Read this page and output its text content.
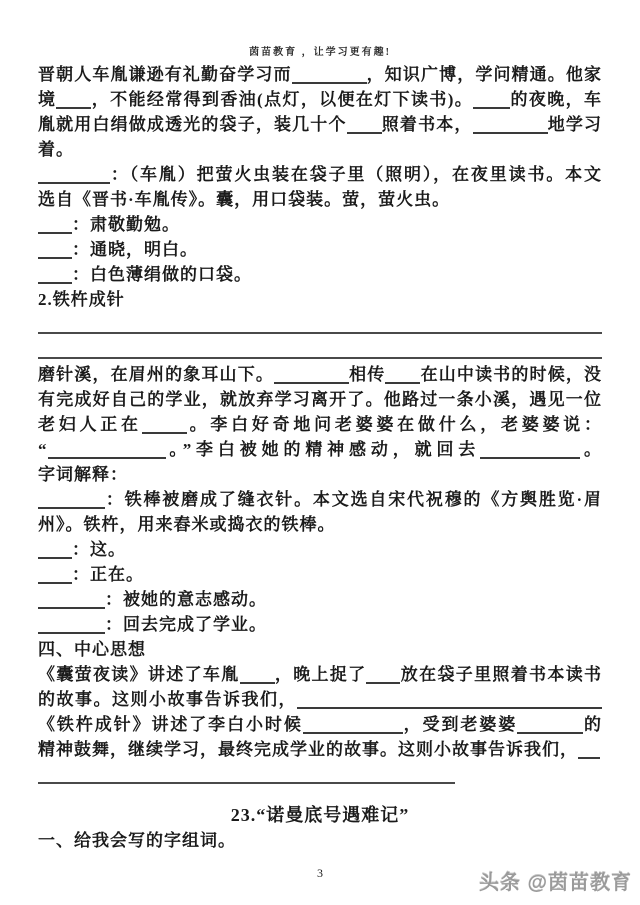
茵苗教育 ，让学习更有趣!
晋朝人车胤谦逊有礼勤奋学习而	，知识广博，学问精通。他家
境 ，不能经常得到香油(点灯，以便在灯下读书)。 的夜晚，车
胤就用白绢做成透光的袋子，装几十个 照着书本，	地学习
着。
：（车胤）把萤火虫装在袋子里（照明），在夜里读书。本文
选自《晋书·车胤传》。囊，用口袋装。萤，萤火虫。
：肃敬勤勉。
：通晓，明白。
：白色薄绢做的口袋。
2.铁杵成针
磨针溪，在眉州的象耳山下。	相传 在山中读书的时候，没
有完成好自己的学业，就放弃学习离开了。他路过一条小溪，遇见一位
老妇人正在	。李白好奇地问老婆婆在做什么，老婆婆说：
“	。”李白被她的精神感动，就回去	。
字词解释：
：铁棒被磨成了缝衣针。本文选自宋代祝穆的《方舆胜览·眉
州》。铁杵，用来舂米或捣衣的铁棒。
：这。
：正在。
：被她的意志感动。
：回去完成了学业。
四、中心思想
《囊萤夜读》讲述了车胤 ，晚上捉了 放在袋子里照着书本读书
的故事。这则小故事告诉我们，
《铁杵成针》讲述了李白小时候	，受到老婆婆	的
精神鼓舞，继续学习，最终完成学业的故事。这则小故事告诉我们，
23.“诺曼底号遇难记”
一、给我会写的字组词。
3	头条 @茵苗教育
